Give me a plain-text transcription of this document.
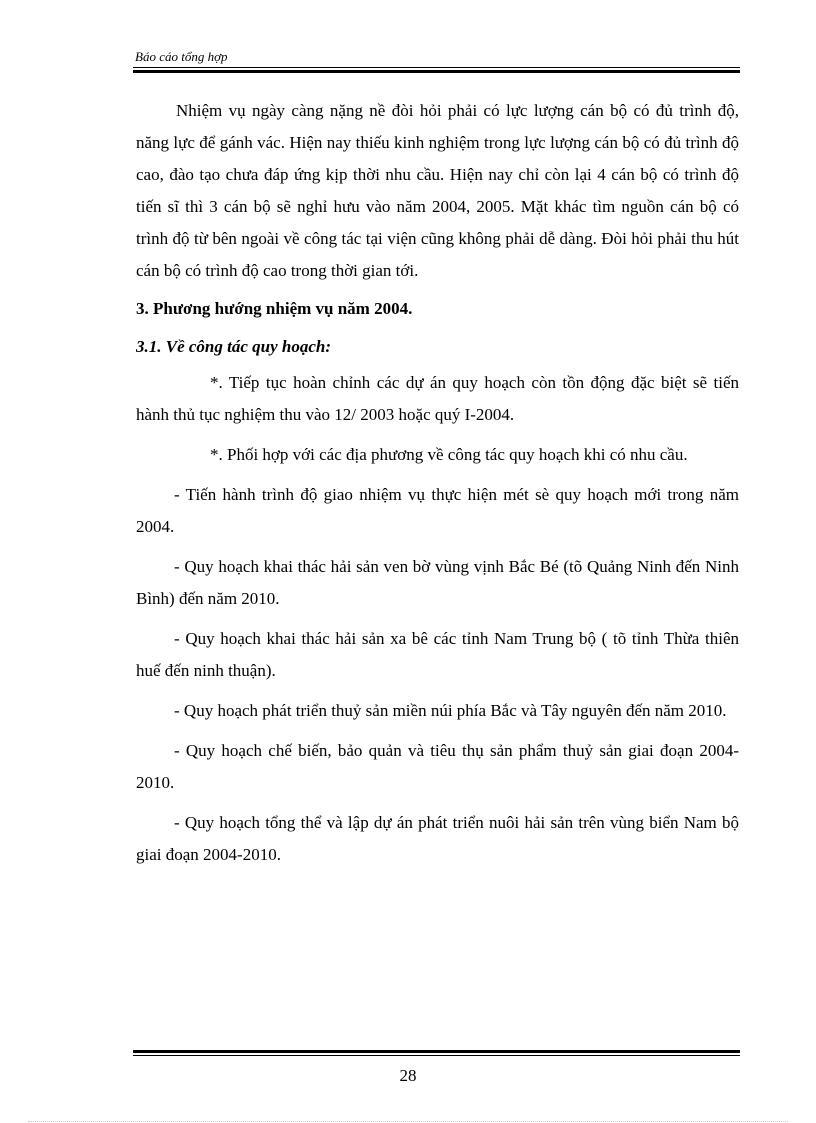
Báo cáo tổng hợp

Nhiệm vụ ngày càng nặng nề đòi hỏi phải có lực lượng cán bộ có đủ trình độ, năng lực để gánh vác. Hiện nay thiếu kinh nghiệm trong lực lượng cán bộ có đủ trình độ cao, đào tạo chưa đáp ứng kịp thời nhu cầu. Hiện nay chỉ còn lại 4 cán bộ có trình độ tiến sĩ thì 3 cán bộ sẽ nghỉ hưu vào năm 2004, 2005. Mặt khác tìm nguồn cán bộ có trình độ từ bên ngoài về công tác tại viện cũng không phải dễ dàng. Đòi hỏi phải thu hút cán bộ có trình độ cao trong thời gian tới.

3. Phương hướng nhiệm vụ năm 2004.

3.1. Về công tác quy hoạch:

*. Tiếp tục hoàn chỉnh các dự án quy hoạch còn tồn động đặc biệt sẽ tiến hành thủ tục nghiệm thu vào 12/ 2003 hoặc quý I-2004.

*. Phối hợp với các địa phương về công tác quy hoạch khi có nhu cầu.

- Tiến hành trình độ giao nhiệm vụ thực hiện mét sè quy hoạch mới trong năm 2004.

- Quy hoạch khai thác hải sản ven bờ vùng vịnh Bắc Bé (tõ Quảng Ninh đến Ninh Bình) đến năm 2010.

- Quy hoạch khai thác hải sản xa bê các tỉnh Nam Trung bộ ( tõ tỉnh Thừa thiên huế đến ninh thuận).

- Quy hoạch phát triển thuỷ sản miền núi phía Bắc và Tây nguyên đến năm 2010.

- Quy hoạch chế biến, bảo quản và tiêu thụ sản phẩm thuỷ sản giai đoạn 2004-2010.

- Quy hoạch tổng thể và lập dự án phát triển nuôi hải sản trên vùng biển Nam bộ giai đoạn 2004-2010.

28
